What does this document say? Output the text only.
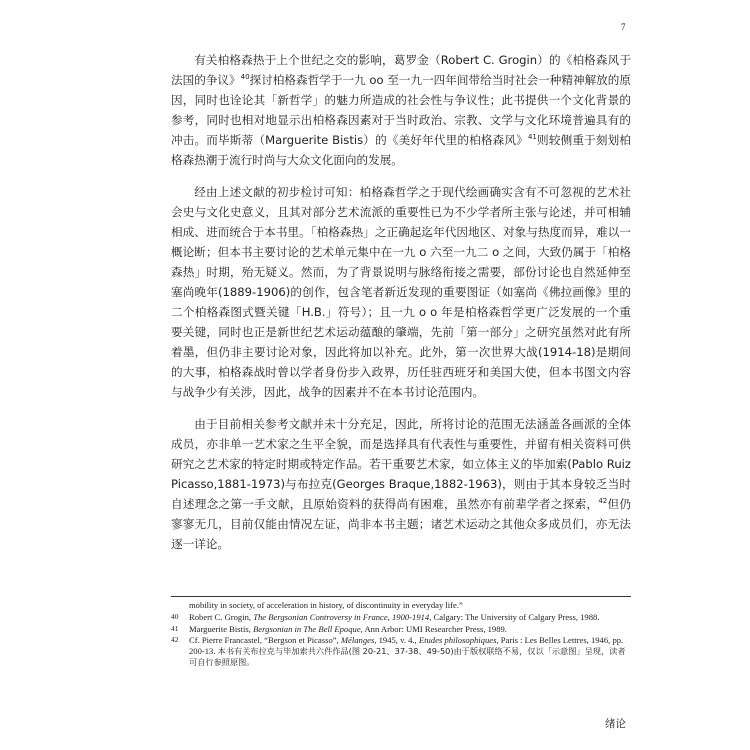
7

有关柏格森热于上个世纪之交的影响，葛罗金（Robert C. Grogin）的《柏格森风于法国的争议》$^{40}$探讨柏格森哲学于一九 oo 至一九一四年间带给当时社会一种精神解放的原因，同时也诠论其「新哲学」的魅力所造成的社会性与争议性；此书提供一个文化背景的参考，同时也相对地显示出柏格森因素对于当时政治、宗教、文学与文化环境普遍具有的冲击。而毕斯蒂（Marguerite Bistis）的《美好年代里的柏格森风》$^{41}$则较侧重于刻划柏格森热潮于流行时尚与大众文化面向的发展。

经由上述文献的初步检讨可知：柏格森哲学之于现代绘画确实含有不可忽视的艺术社会史与文化史意义，且其对部分艺术流派的重要性已为不少学者所主张与论述，并可相辅相成、进而统合于本书里。「柏格森热」之正确起迄年代因地区、对象与热度而异，难以一概论断；但本书主要讨论的艺术单元集中在一九 o 六至一九二 o 之间，大致仍属于「柏格森热」时期，殆无疑义。然而，为了背景说明与脉络衔接之需要，部份讨论也自然延伸至塞尚晚年(1889-1906)的创作，包含笔者新近发现的重要图证（如塞尚《佛拉画像》里的二个柏格森图式暨关键「H.B.」符号）；且一九 o o 年是柏格森哲学更广泛发展的一个重要关键，同时也正是新世纪艺术运动蕴酿的肇端，先前「第一部分」之研究虽然对此有所着墨，但仍非主要讨论对象，因此将加以补充。此外，第一次世界大战(1914-18)是期间的大事，柏格森战时曾以学者身份步入政界，历任驻西班牙和美国大使，但本书图文内容与战争少有关涉，因此，战争的因素并不在本书讨论范围内。

由于目前相关参考文献并未十分充足，因此，所将讨论的范围无法涵盖各画派的全体成员，亦非单一艺术家之生平全貌，而是选择具有代表性与重要性，并留有相关资料可供研究之艺术家的特定时期或特定作品。若干重要艺术家，如立体主义的毕加索(Pablo Ruiz Picasso,1881-1973)与布拉克(Georges Braque,1882-1963)，则由于其本身较乏当时自述理念之第一手文献，且原始资料的获得尚有困难，虽然亦有前辈学者之探索，$^{42}$但仍寥寥无几，目前仅能由情况左证，尚非本书主题；诸艺术运动之其他众多成员们，亦无法逐一详论。

mobility in society, of acceleration in history, of discontinuity in everyday life.”

40	Robert C. Grogin, The Bergsonian Controversy in France, 1900-1914, Calgary: The University of Calgary Press, 1988.
41	Marguerite Bistis, Bergsonian in The Bell Epoque, Ann Arbor: UMI Researcher Press, 1989.
42	Cf. Pierre Francastel, “Bergson et Picasso”, Mélanges, 1945, v. 4., Etudes philosophiques, Paris : Les Belles Lettres, 1946, pp. 200-13. 本书有关布拉克与毕加索共六件作品(图 20-21、37-38、49-50)由于版权联络不易，仅以「示意图」呈现，读者可自行参照原图。
绪论
